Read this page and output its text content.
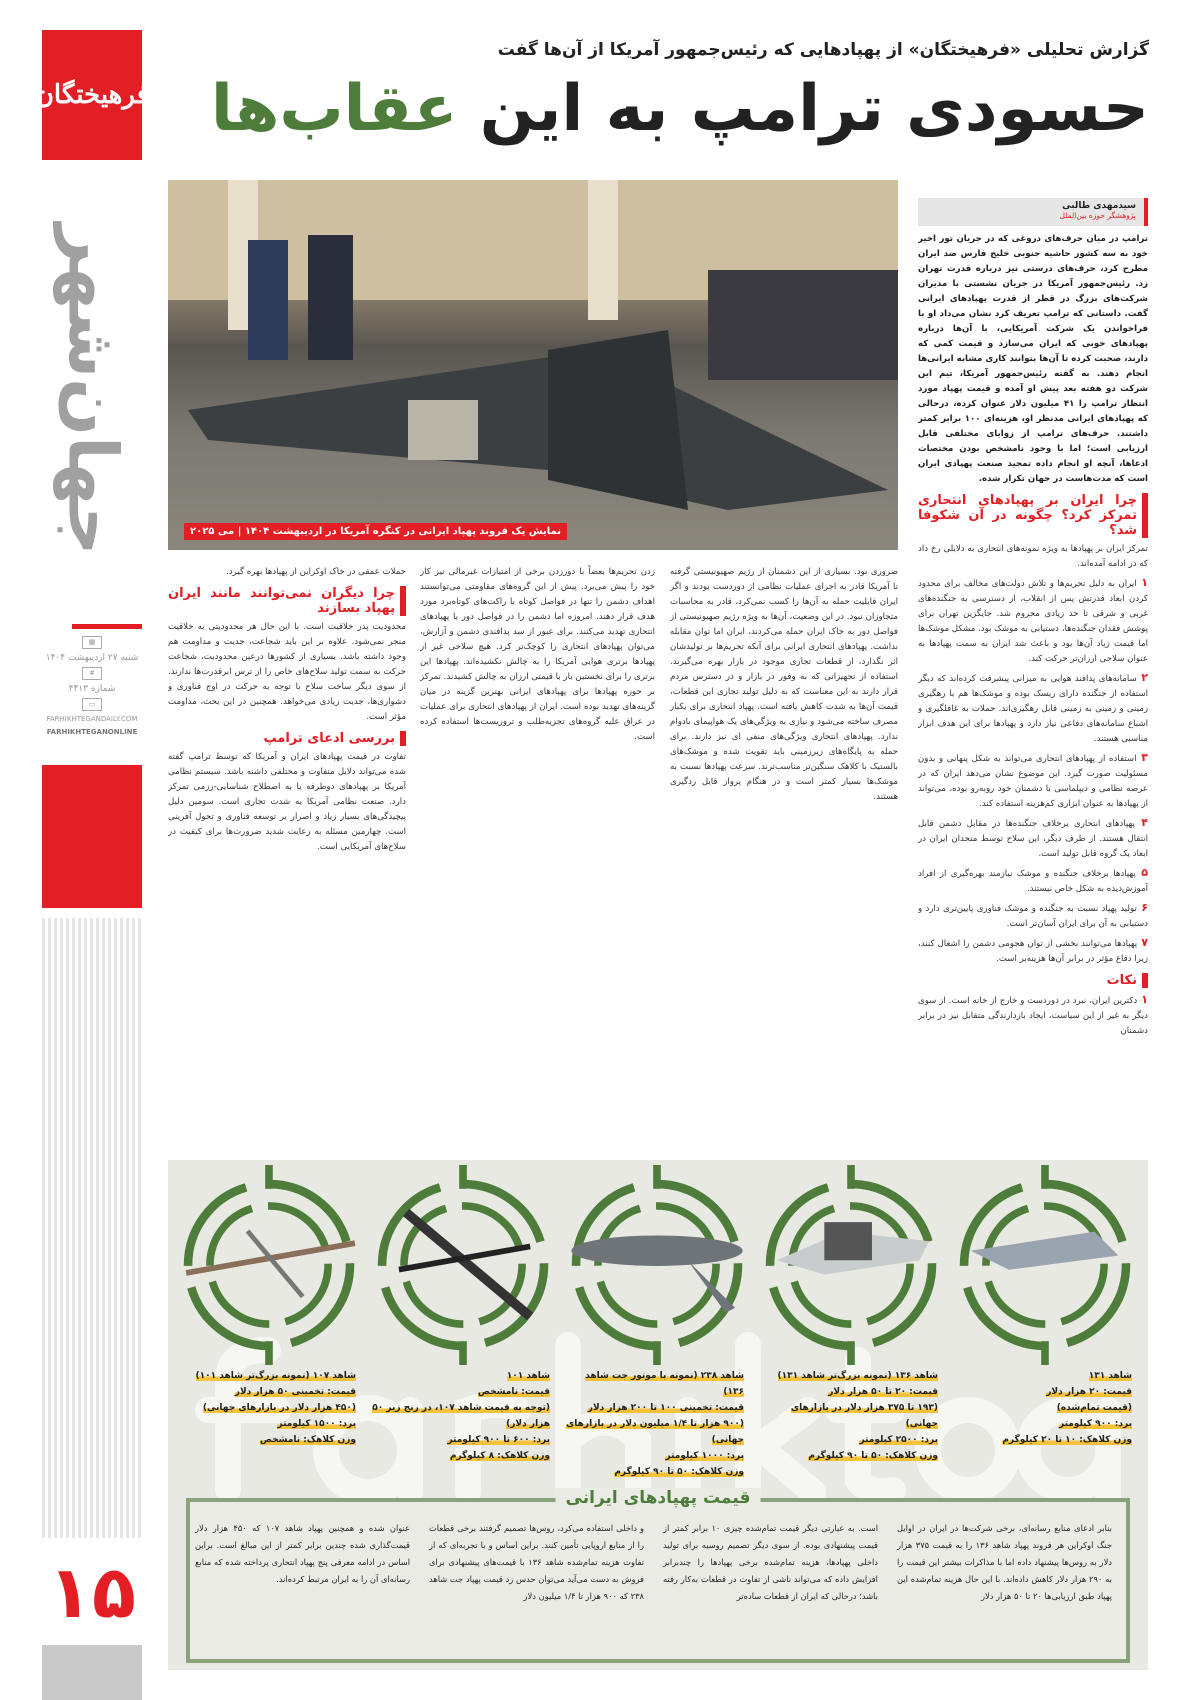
فرهیختگان
جهان‌شهر
▦
شنبه ۲۷ اردیبهشت ۱۴۰۴
#
شماره ۴۴۱۳
▭
FARHIKHTEGANDAILY.COM
FARHIKHTEGANONLINE
۱۵
گزارش تحلیلی «فرهیختگان» از پهپادهایی که رئیس‌جمهور آمریکا از آن‌ها گفت
حسودی ترامپ به این عقاب‌ها
نمایش یک فروند پهپاد ایرانی در کنگره آمریکا در اردیبهشت ۱۴۰۴ | می ۲۰۲۵
سیدمهدی طالبی
پژوهشگر حوزه بین‌الملل

ترامپ در میان حرف‌های دروغی که در جریان تور اخیر خود به سه کشور حاشیه جنوبی خلیج فارس ضد ایران مطرح کرد، حرف‌های درستی نیز درباره قدرت تهران زد. رئیس‌جمهور آمریکا در جریان نشستی با مدیران شرکت‌های بزرگ در قطر از قدرت پهپادهای ایرانی گفت. داستانی که ترامپ تعریف کرد نشان می‌داد او با فراخواندن یک شرکت آمریکایی، با آن‌ها درباره پهپادهای خوبی که ایران می‌سازد و قیمت کمی که دارند، صحبت کرده تا آن‌ها بتوانند کاری مشابه ایرانی‌ها انجام دهند. به گفته رئیس‌جمهور آمریکا، تیم این شرکت دو هفته بعد پیش او آمده و قیمت پهپاد مورد انتظار ترامپ را ۴۱ میلیون دلار عنوان کرده، درحالی که پهپادهای ایرانی مدنظر او، هزینه‌ای ۱۰۰ برابر کمتر داشتند. حرف‌های ترامپ از زوایای مختلفی قابل ارزیابی است؛ اما با وجود نامشخص بودن مختصات ادعاها، آنچه او انجام داده تمجید صنعت پهپادی ایران است که مدت‌هاست در جهان تکرار شده.

چرا ایران بر پهپادهای انتحاری تمرکز کرد؟ چگونه در آن شکوفا شد؟

تمرکز ایران بر پهپادها به ویژه نمونه‌های انتحاری به دلایلی رخ داد که در ادامه آمده‌اند.

۱ ایران به دلیل تحریم‌ها و تلاش دولت‌های مخالف برای محدود کردن ابعاد قدرتش پس از انقلاب، از دسترسی به جنگنده‌های غربی و شرقی تا حد زیادی محروم شد. جایگزین تهران برای پوشش فقدان جنگنده‌ها، دستیابی به موشک بود. مشکل موشک‌ها اما قیمت زیاد آن‌ها بود و باعث شد ایران به سمت پهپادها به عنوان سلاحی ارزان‌تر حرکت کند.

۲ سامانه‌های پدافند هوایی به میزانی پیشرفت کرده‌اند که دیگر استفاده از جنگنده دارای ریسک بوده و موشک‌ها هم با رهگیری زمینی و زمینی به زمینی قابل رهگیری‌اند. حملات به غافلگیری و اشباع سامانه‌های دفاعی نیاز دارد و پهپادها برای این هدف ابزار مناسبی هستند.

۳ استفاده از پهپادهای انتحاری می‌تواند به شکل پنهانی و بدون مسئولیت صورت گیرد. این موضوع نشان می‌دهد ایران که در عرصه نظامی و دیپلماسی با دشمنان خود روبه‌رو بوده، می‌تواند از پهپادها به عنوان ابزاری کم‌هزینه استفاده کند.

۴ پهپادهای انتحاری برخلاف جنگنده‌ها در مقابل دشمن قابل انتقال هستند. از طرف دیگر، این سلاح توسط متحدان ایران در ابعاد یک گروه قابل تولید است.

۵ پهپادها برخلاف جنگنده و موشک نیازمند بهره‌گیری از افراد آموزش‌دیده به شکل خاص نیستند.

۶ تولید پهپاد نسبت به جنگنده و موشک فناوری پایین‌تری دارد و دستیابی به آن برای ایران آسان‌تر است.

۷ پهپادها می‌توانند بخشی از توان هجومی دشمن را اشغال کنند، زیرا دفاع مؤثر در برابر آن‌ها هزینه‌بر است.

نکات

۱ دکترین ایران، نبرد در دوردست و خارج از خانه است. از سوی دیگر به غیر از این سیاست، ایجاد بازدارندگی متقابل نیز در برابر دشمنان

ضروری بود. بسیاری از این دشمنان از رژیم صهیونیستی گرفته تا آمریکا قادر به اجرای عملیات نظامی از دوردست بودند و اگر ایران قابلیت حمله به آن‌ها را کسب نمی‌کرد، قادر به محاسبات متجاوزان نبود. در این وضعیت، آن‌ها به ویژه رژیم صهیونیستی از فواصل دور به خاک ایران حمله می‌کردند، ایران اما توان مقابله نداشت. پهپادهای انتحاری ایرانی برای آنکه تحریم‌ها بر تولیدشان اثر نگذارد، از قطعات تجاری موجود در بازار بهره می‌گیرند. استفاده از تجهیزاتی که به وفور در بازار و در دسترس مردم قرار دارند به این معناست که به دلیل تولید تجاری این قطعات، قیمت آن‌ها به شدت کاهش یافته است. پهپاد انتحاری برای یکبار مصرف ساخته می‌شود و نیازی به ویژگی‌های یک هواپیمای بادوام ندارد. پهپادهای انتحاری ویژگی‌های منفی ای نیز دارند. برای حمله به پایگاه‌های زیرزمینی باید تقویت شده و موشک‌های بالستیک با کلاهک سنگین‌تر مناسب‌ترند. سرعت پهپادها نسبت به موشک‌ها بسیار کمتر است و در هنگام پرواز قابل ردگیری هستند.

زدن تحریم‌ها بعضاً با دورزدن برخی از امتیازات غیرمالی نیز کار خود را پیش می‌برد. پیش از این گروه‌های مقاومتی می‌توانستند اهداف دشمن را تنها در فواصل کوتاه با راکت‌های کوتاه‌برد مورد هدف قرار دهند. امروزه اما دشمن را در فواصل دور با پهپادهای انتحاری تهدید می‌کنند. برای عبور از سد پدافندی دشمن و آزارش، می‌توان پهپادهای انتحاری را کوچک‌تر کرد. هیچ سلاحی غیر از پهپادها برتری هوایی آمریکا را به چالش نکشیده‌اند. پهپادها این برتری را برای نخستین بار با قیمتی ارزان به چالش کشیدند. تمرکز بر حوزه پهپادها برای پهپادهای ایرانی بهترین گزینه در میان گزینه‌های تهدید بوده است. ایران از پهپادهای انتحاری برای عملیات در عراق علیه گروه‌های تجزیه‌طلب و تروریست‌ها استفاده کرده است.

حملات عمقی در خاک اوکراین از پهپادها بهره گیرد.

چرا دیگران نمی‌توانند مانند ایران پهپاد بسازند

محدودیت پدر خلاقیت است. با این حال هر محدودیتی به خلاقیت منجر نمی‌شود. علاوه بر این باید شجاعت، جدیت و مداومت هم وجود داشته باشد. بسیاری از کشورها درعین محدودیت، شجاعت حرکت به سمت تولید سلاح‌های خاص را از ترس ابرقدرت‌ها ندارند. از سوی دیگر ساخت سلاح با توجه به حرکت در اوج فناوری و دشواری‌ها، جدیت زیادی می‌خواهد. همچنین در این بحث، مداومت مؤثر است.

بررسی ادعای ترامپ

تفاوت در قیمت پهپادهای ایران و آمریکا که توسط ترامپ گفته شده می‌تواند دلایل متفاوت و مختلفی داشته باشد. سیستم نظامی آمریکا بر پهپادهای دوطرفه یا به اصطلاح شناسایی-رزمی تمرکز دارد. صنعت نظامی آمریکا به شدت تجاری است. سومین دلیل پیچیدگی‌های بسیار زیاد و اصرار بر توسعه فناوری و تحول آفرینی است. چهارمین مسئله به رعایت شدید ضرورت‌ها برای کیفیت در سلاح‌های آمریکایی است.

شاهد ۱۳۱
قیمت: ۲۰ هزار دلار
(قیمت تمام‌شده)
برد: ۹۰۰ کیلومتر
وزن کلاهک: ۱۰ تا ۲۰ کیلوگرم
شاهد ۱۳۶ (نمونه بزرگ‌تر شاهد ۱۳۱)
قیمت: ۲۰ تا ۵۰ هزار دلار
(۱۹۳ تا ۳۷۵ هزار دلار در بازارهای جهانی)
برد: ۲۵۰۰ کیلومتر
وزن کلاهک: ۵۰ تا ۹۰ کیلوگرم
شاهد ۲۳۸ (نمونه با موتور جت شاهد ۱۳۶)
قیمت: تخمینی ۱۰۰ تا ۲۰۰ هزار دلار
(۹۰۰ هزار تا ۱/۴ میلیون دلار در بازارهای جهانی)
برد: ۱۰۰۰ کیلومتر
وزن کلاهک: ۵۰ تا ۹۰ کیلوگرم
شاهد ۱۰۱
قیمت: نامشخص
(توجه به قیمت شاهد ۱۰۷، در رنج زیر ۵۰ هزار دلار)
برد: ۶۰۰ تا ۹۰۰ کیلومتر
وزن کلاهک: ۸ کیلوگرم
شاهد ۱۰۷ (نمونه بزرگ‌تر شاهد ۱۰۱)
قیمت: تخمینی ۵۰ هزار دلار
(۴۵۰ هزار دلار در بازارهای جهانی)
برد: ۱۵۰۰ کیلومتر
وزن کلاهک: نامشخص
قیمت پهپادهای ایرانی
بنابر ادعای منابع رسانه‌ای، برخی شرکت‌ها در ایران در اوایل جنگ اوکراین هر فروند پهپاد شاهد ۱۳۶ را به قیمت ۳۷۵ هزار دلار به روس‌ها پیشنهاد داده اما با مذاکرات بیشتر این قیمت را به ۲۹۰ هزار دلار کاهش داده‌اند. با این حال هزینه تمام‌شده این پهپاد طبق ارزیابی‌ها ۲۰ تا ۵۰ هزار دلار
است. به عبارتی دیگر قیمت تمام‌شده چیزی ۱۰ برابر کمتر از قیمت پیشنهادی بوده. از سوی دیگر تصمیم روسیه برای تولید داخلی پهپادها، هزینه تمام‌شده برخی پهپادها را چندبرابر افزایش داده که می‌تواند ناشی از تفاوت در قطعات به‌کار رفته باشد؛ درحالی که ایران از قطعات ساده‌تر
و داخلی استفاده می‌کرد، روس‌ها تصمیم گرفتند برخی قطعات را از منابع اروپایی تأمین کنند. براین اساس و با تجربه‌ای که از تفاوت هزینه تمام‌شده شاهد ۱۳۶ با قیمت‌های پیشنهادی برای فروش به دست می‌آید می‌توان حدس زد قیمت پهپاد جت شاهد ۲۳۸ که ۹۰۰ هزار تا ۱/۴ میلیون دلار
عنوان شده و همچنین پهپاد شاهد ۱۰۷ که ۴۵۰ هزار دلار قیمت‌گذاری شده چندین برابر کمتر از این مبالغ است. براین اساس در ادامه معرفی پنج پهپاد انتحاری پرداخته شده که منابع رسانه‌ای آن را به ایران مرتبط کرده‌اند.
